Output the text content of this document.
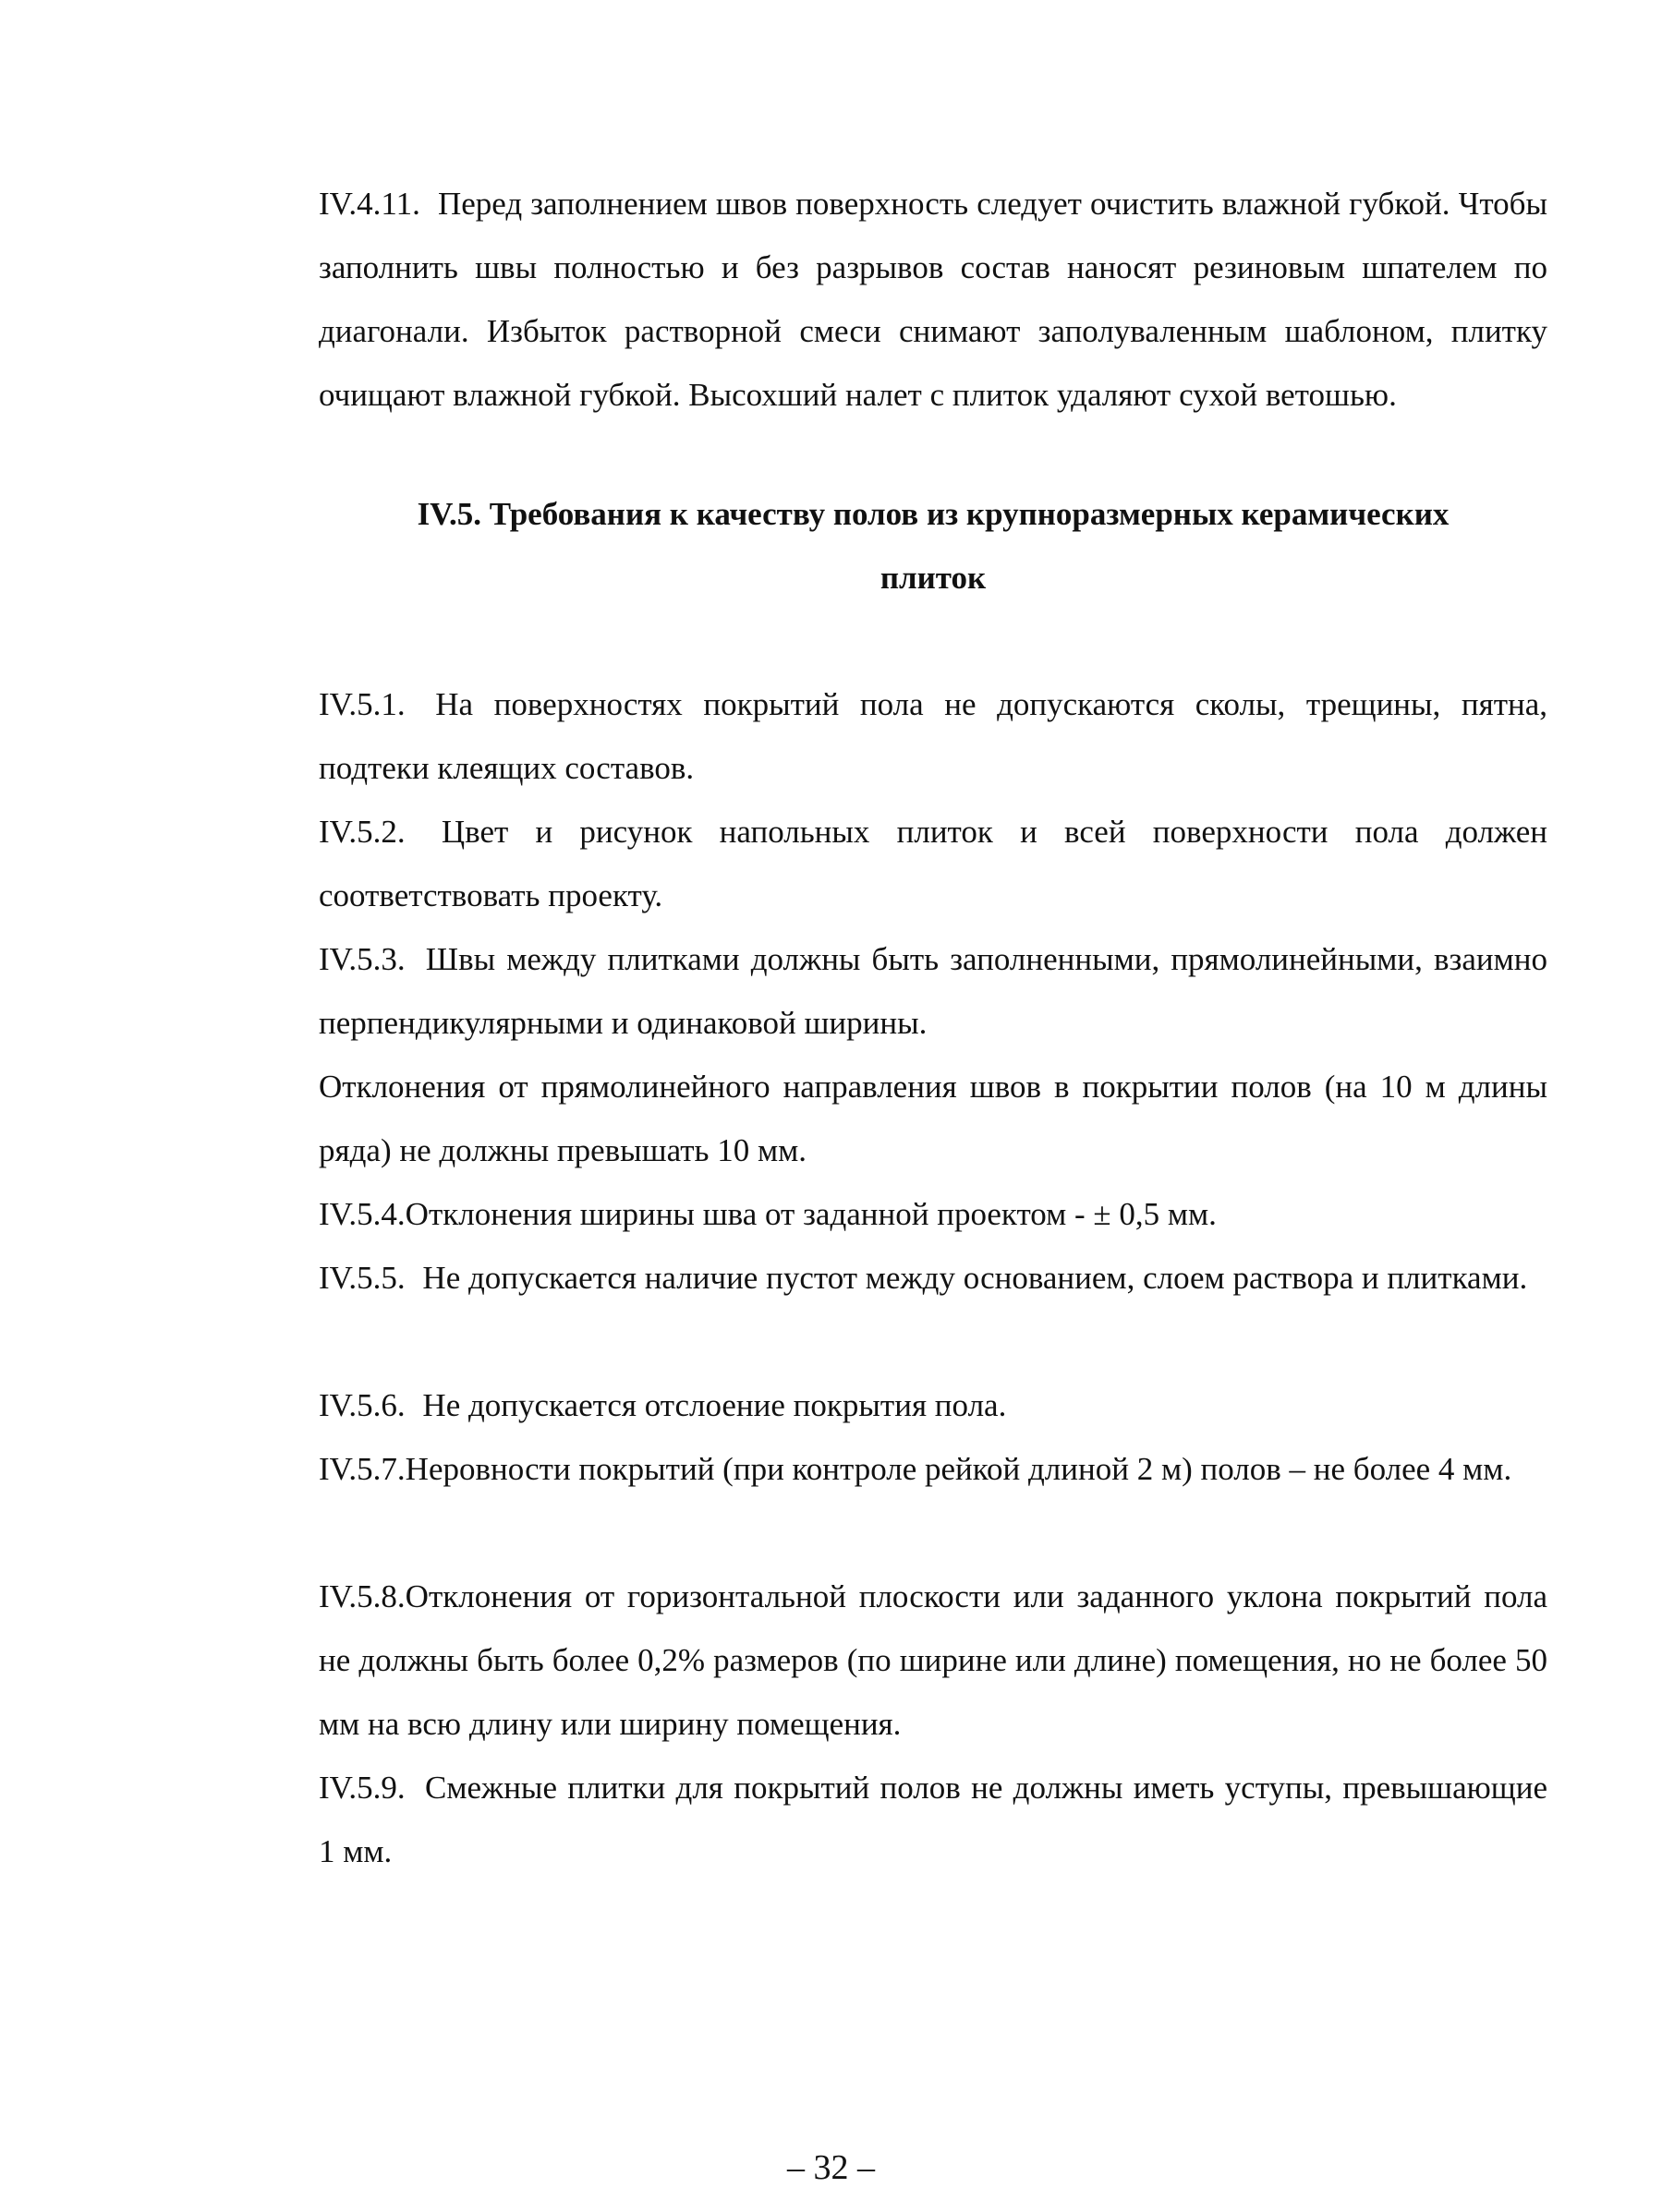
IV.4.11. Перед заполнением швов поверхность следует очистить влажной губкой. Чтобы заполнить швы полностью и без разрывов состав наносят резиновым шпателем по диагонали. Избыток растворной смеси снимают заполуваленным шаблоном, плитку очищают влажной губкой. Высохший налет с плиток удаляют сухой ветошью.

IV.5. Требования к качеству полов из крупноразмерных керамических
плиток

IV.5.1. На поверхностях покрытий пола не допускаются сколы, трещины, пятна, подтеки клеящих составов.

IV.5.2. Цвет и рисунок напольных плиток и всей поверхности пола должен соответствовать проекту.

IV.5.3. Швы между плитками должны быть заполненными, прямолинейными, взаимно перпендикулярными и одинаковой ширины.

Отклонения от прямолинейного направления швов в покрытии полов (на 10 м длины ряда) не должны превышать 10 мм.

IV.5.4.Отклонения ширины шва от заданной проектом - ± 0,5 мм.

IV.5.5. Не допускается наличие пустот между основанием, слоем раствора и плитками.

IV.5.6. Не допускается отслоение покрытия пола.

IV.5.7.Неровности покрытий (при контроле рейкой длиной 2 м) полов – не более 4 мм.

IV.5.8.Отклонения от горизонтальной плоскости или заданного уклона покрытий пола не должны быть более 0,2% размеров (по ширине или длине) помещения, но не более 50 мм на всю длину или ширину помещения.

IV.5.9. Смежные плитки для покрытий полов не должны иметь уступы, превышающие 1 мм.

– 32 –
